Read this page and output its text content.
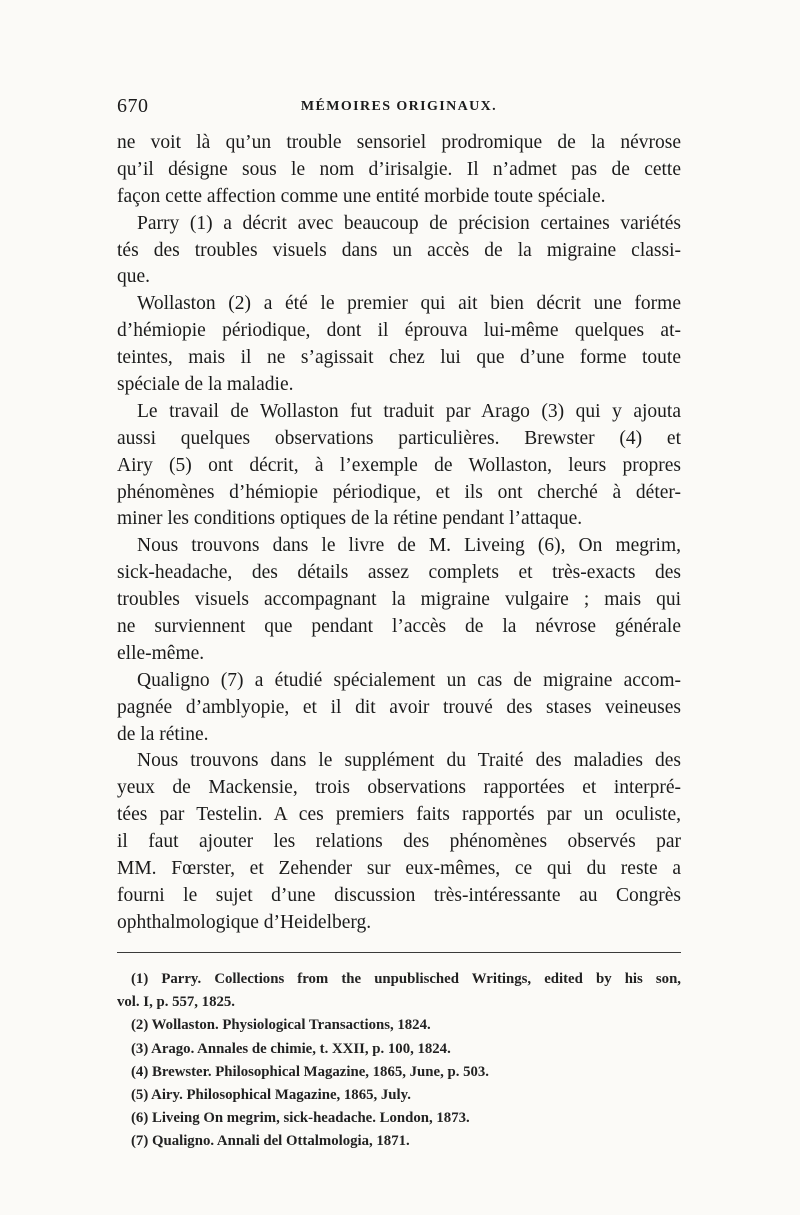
670	MÉMOIRES ORIGINAUX.
ne voit là qu’un trouble sensoriel prodromique de la névrose
qu’il désigne sous le nom d’irisalgie. Il n’admet pas de cette
façon cette affection comme une entité morbide toute spéciale.
Parry (1) a décrit avec beaucoup de précision certaines variétés
tés des troubles visuels dans un accès de la migraine classi-
que.
Wollaston (2) a été le premier qui ait bien décrit une forme
d’hémiopie périodique, dont il éprouva lui-même quelques at-
teintes, mais il ne s’agissait chez lui que d’une forme toute
spéciale de la maladie.
Le travail de Wollaston fut traduit par Arago (3) qui y ajouta
aussi quelques observations particulières. Brewster (4) et
Airy (5) ont décrit, à l’exemple de Wollaston, leurs propres
phénomènes d’hémiopie périodique, et ils ont cherché à déter-
miner les conditions optiques de la rétine pendant l’attaque.
Nous trouvons dans le livre de M. Liveing (6), On megrim,
sick-headache, des détails assez complets et très-exacts des
troubles visuels accompagnant la migraine vulgaire ; mais qui
ne surviennent que pendant l’accès de la névrose générale
elle-même.
Qualigno (7) a étudié spécialement un cas de migraine accom-
pagnée d’amblyopie, et il dit avoir trouvé des stases veineuses
de la rétine.
Nous trouvons dans le supplément du Traité des maladies des
yeux de Mackensie, trois observations rapportées et interpré-
tées par Testelin. A ces premiers faits rapportés par un oculiste,
il faut ajouter les relations des phénomènes observés par
MM. Fœrster, et Zehender sur eux-mêmes, ce qui du reste a
fourni le sujet d’une discussion très-intéressante au Congrès
ophthalmologique d’Heidelberg.
(1) Parry. Collections from the unpublisched Writings, edited by his son,
vol. I, p. 557, 1825.
(2) Wollaston. Physiological Transactions, 1824.
(3) Arago. Annales de chimie, t. XXII, p. 100, 1824.
(4) Brewster. Philosophical Magazine, 1865, June, p. 503.
(5) Airy. Philosophical Magazine, 1865, July.
(6) Liveing On megrim, sick-headache. London, 1873.
(7) Qualigno. Annali del Ottalmologia, 1871.
